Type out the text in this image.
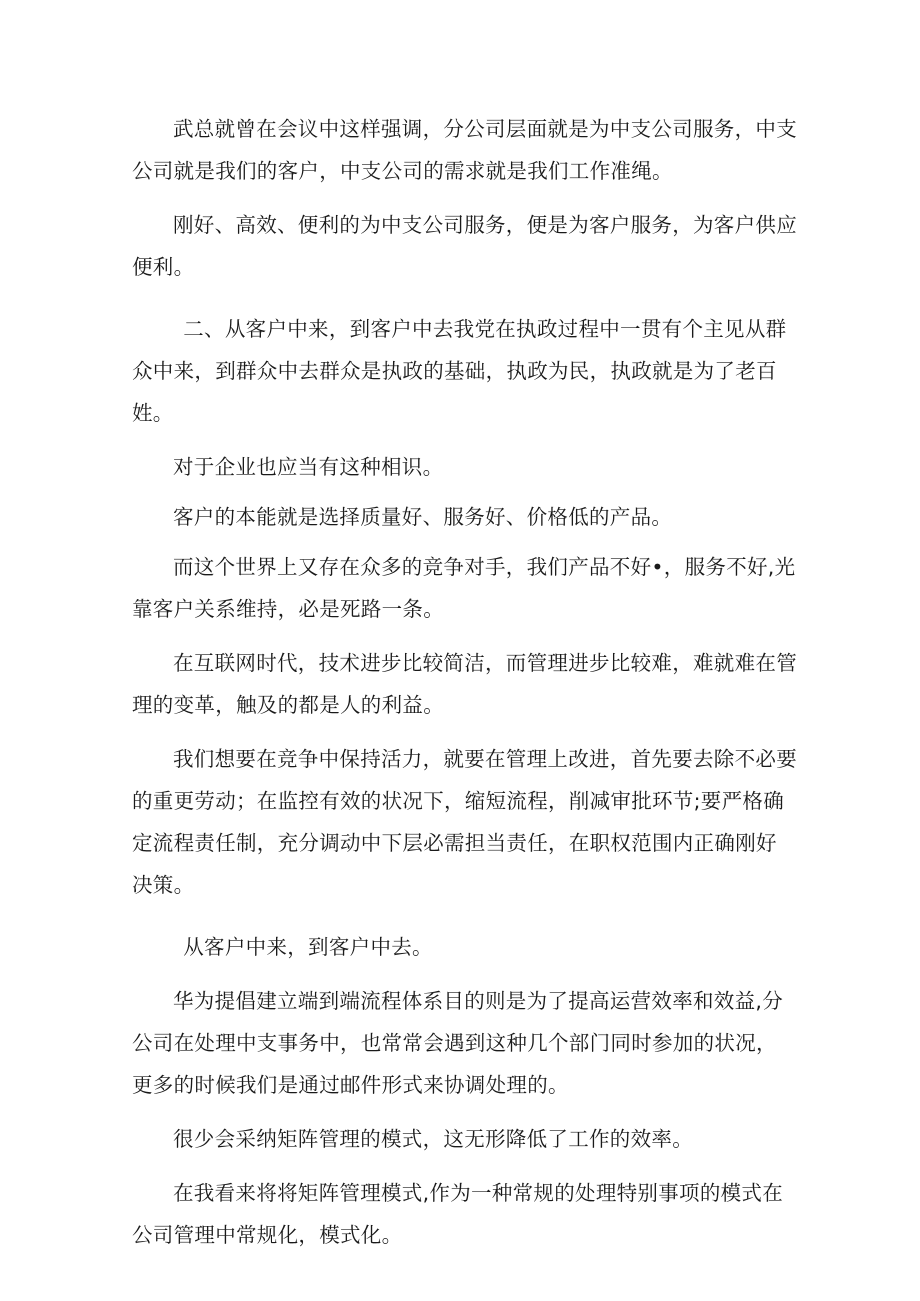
武总就曾在会议中这样强调，分公司层面就是为中支公司服务，中支公司就是我们的客户，中支公司的需求就是我们工作准绳。

刚好、高效、便利的为中支公司服务，便是为客户服务，为客户供应便利。

二、从客户中来，到客户中去我党在执政过程中一贯有个主见从群众中来，到群众中去群众是执政的基础，执政为民，执政就是为了老百姓。

对于企业也应当有这种相识。

客户的本能就是选择质量好、服务好、价格低的产品。

而这个世界上又存在众多的竞争对手，我们产品不好•，服务不好,光靠客户关系维持，必是死路一条。

在互联网时代，技术进步比较简洁，而管理进步比较难，难就难在管理的变革，触及的都是人的利益。

我们想要在竞争中保持活力，就要在管理上改进，首先要去除不必要的重更劳动；在监控有效的状况下，缩短流程，削减审批环节;要严格确定流程责任制，充分调动中下层必需担当责任，在职权范围内正确刚好决策。

从客户中来，到客户中去。

华为提倡建立端到端流程体系目的则是为了提高运营效率和效益,分公司在处理中支事务中，也常常会遇到这种几个部门同时参加的状况，更多的时候我们是通过邮件形式来协调处理的。

很少会采纳矩阵管理的模式，这无形降低了工作的效率。

在我看来将将矩阵管理模式,作为一种常规的处理特别事项的模式在公司管理中常规化，模式化。
